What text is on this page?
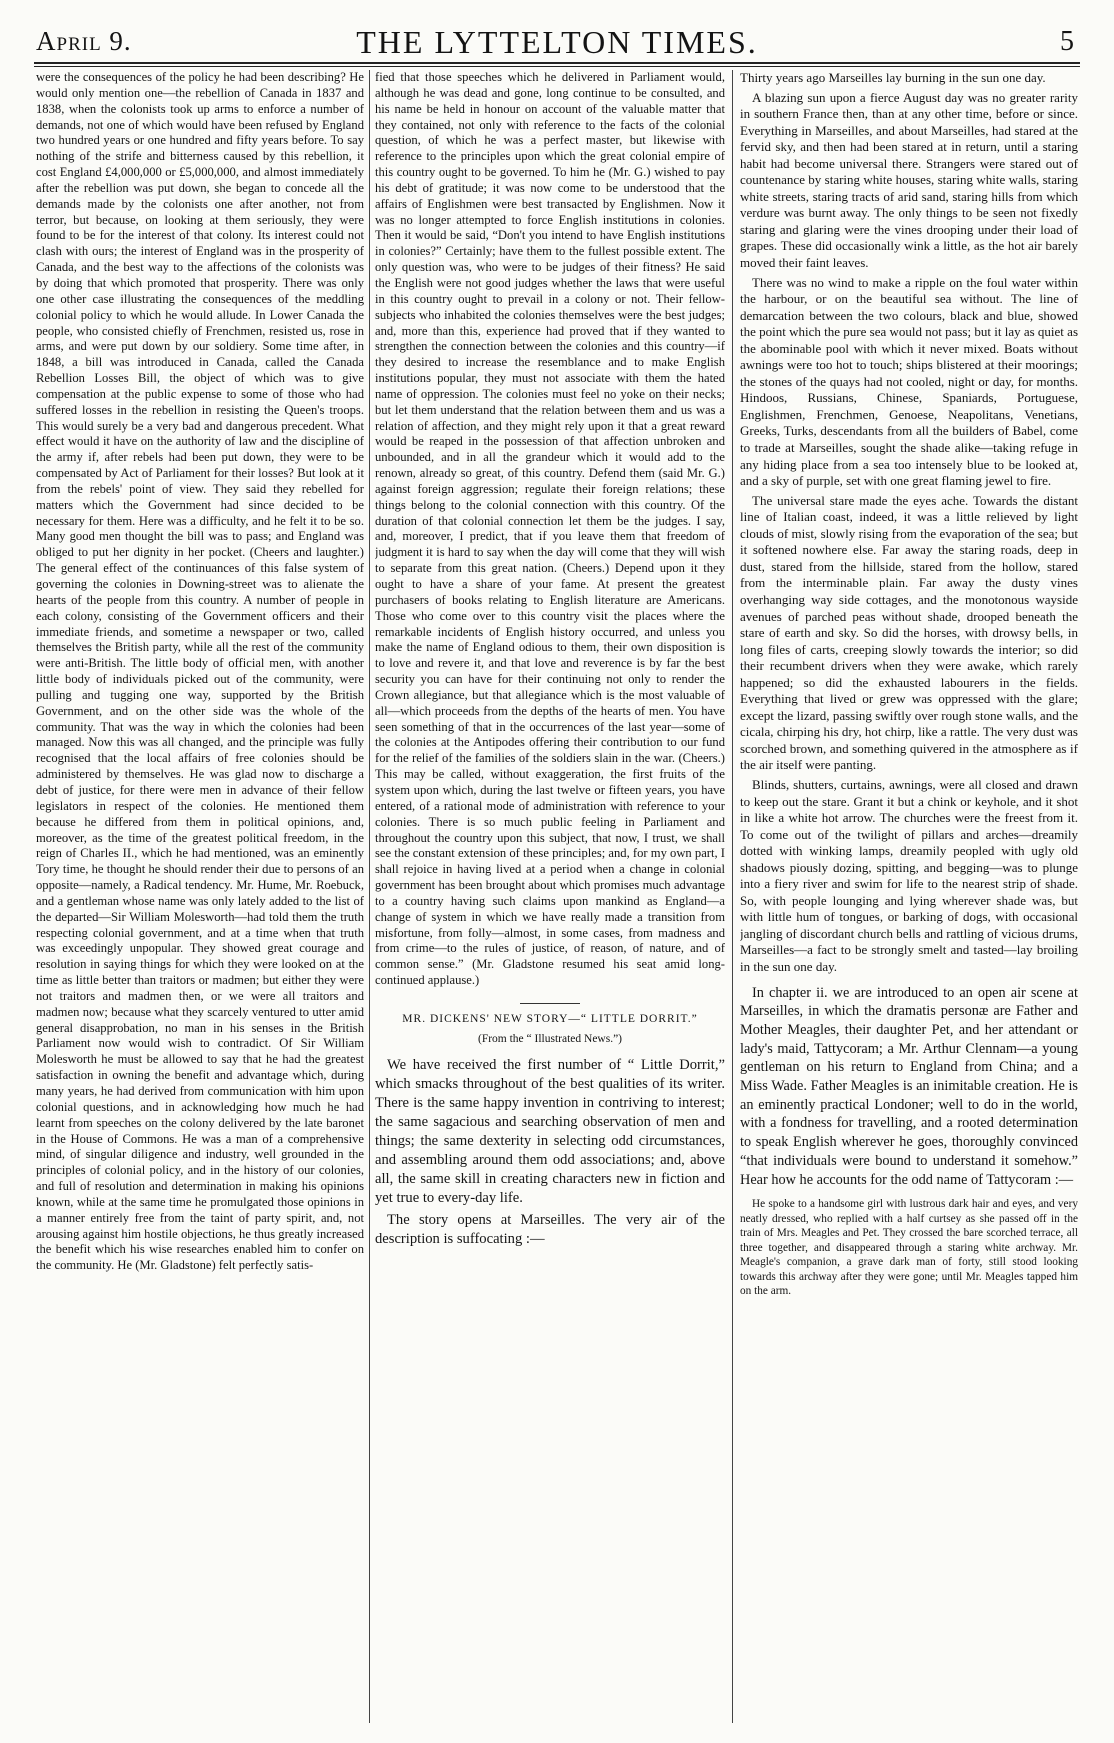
April 9.	THE LYTTELTON TIMES.	5

were the consequences of the policy he had been describing? He would only mention one—the rebellion of Canada in 1837 and 1838, when the colonists took up arms to enforce a number of demands, not one of which would have been refused by England two hundred years or one hundred and fifty years before. To say nothing of the strife and bitterness caused by this rebellion, it cost England £4,000,000 or £5,000,000, and almost immediately after the rebellion was put down, she began to concede all the demands made by the colonists one after another, not from terror, but because, on looking at them seriously, they were found to be for the interest of that colony. Its interest could not clash with ours; the interest of England was in the prosperity of Canada, and the best way to the affections of the colonists was by doing that which promoted that prosperity. There was only one other case illustrating the consequences of the meddling colonial policy to which he would allude. In Lower Canada the people, who consisted chiefly of Frenchmen, resisted us, rose in arms, and were put down by our soldiery. Some time after, in 1848, a bill was introduced in Canada, called the Canada Rebellion Losses Bill, the object of which was to give compensation at the public expense to some of those who had suffered losses in the rebellion in resisting the Queen's troops. This would surely be a very bad and dangerous precedent. What effect would it have on the authority of law and the discipline of the army if, after rebels had been put down, they were to be compensated by Act of Parliament for their losses? But look at it from the rebels' point of view. They said they rebelled for matters which the Government had since decided to be necessary for them. Here was a difficulty, and he felt it to be so. Many good men thought the bill was to pass; and England was obliged to put her dignity in her pocket. (Cheers and laughter.) The general effect of the continuances of this false system of governing the colonies in Downing-street was to alienate the hearts of the people from this country. A number of people in each colony, consisting of the Government officers and their immediate friends, and sometime a newspaper or two, called themselves the British party, while all the rest of the community were anti-British. The little body of official men, with another little body of individuals picked out of the community, were pulling and tugging one way, supported by the British Government, and on the other side was the whole of the community. That was the way in which the colonies had been managed. Now this was all changed, and the principle was fully recognised that the local affairs of free colonies should be administered by themselves. He was glad now to discharge a debt of justice, for there were men in advance of their fellow legislators in respect of the colonies. He mentioned them because he differed from them in political opinions, and, moreover, as the time of the greatest political freedom, in the reign of Charles II., which he had mentioned, was an eminently Tory time, he thought he should render their due to persons of an opposite—namely, a Radical tendency. Mr. Hume, Mr. Roebuck, and a gentleman whose name was only lately added to the list of the departed—Sir William Molesworth—had told them the truth respecting colonial government, and at a time when that truth was exceedingly unpopular. They showed great courage and resolution in saying things for which they were looked on at the time as little better than traitors or madmen; but either they were not traitors and madmen then, or we were all traitors and madmen now; because what they scarcely ventured to utter amid general disapprobation, no man in his senses in the British Parliament now would wish to contradict. Of Sir William Molesworth he must be allowed to say that he had the greatest satisfaction in owning the benefit and advantage which, during many years, he had derived from communication with him upon colonial questions, and in acknowledging how much he had learnt from speeches on the colony delivered by the late baronet in the House of Commons. He was a man of a comprehensive mind, of singular diligence and industry, well grounded in the principles of colonial policy, and in the history of our colonies, and full of resolution and determination in making his opinions known, while at the same time he promulgated those opinions in a manner entirely free from the taint of party spirit, and, not arousing against him hostile objections, he thus greatly increased the benefit which his wise researches enabled him to confer on the community. He (Mr. Gladstone) felt perfectly satis-

fied that those speeches which he delivered in Parliament would, although he was dead and gone, long continue to be consulted, and his name be held in honour on account of the valuable matter that they contained, not only with reference to the facts of the colonial question, of which he was a perfect master, but likewise with reference to the principles upon which the great colonial empire of this country ought to be governed. To him he (Mr. G.) wished to pay his debt of gratitude; it was now come to be understood that the affairs of Englishmen were best transacted by Englishmen. Now it was no longer attempted to force English institutions in colonies. Then it would be said, “Don't you intend to have English institutions in colonies?” Certainly; have them to the fullest possible extent. The only question was, who were to be judges of their fitness? He said the English were not good judges whether the laws that were useful in this country ought to prevail in a colony or not. Their fellow-subjects who inhabited the colonies themselves were the best judges; and, more than this, experience had proved that if they wanted to strengthen the connection between the colonies and this country—if they desired to increase the resemblance and to make English institutions popular, they must not associate with them the hated name of oppression. The colonies must feel no yoke on their necks; but let them understand that the relation between them and us was a relation of affection, and they might rely upon it that a great reward would be reaped in the possession of that affection unbroken and unbounded, and in all the grandeur which it would add to the renown, already so great, of this country. Defend them (said Mr. G.) against foreign aggression; regulate their foreign relations; these things belong to the colonial connection with this country. Of the duration of that colonial connection let them be the judges. I say, and, moreover, I predict, that if you leave them that freedom of judgment it is hard to say when the day will come that they will wish to separate from this great nation. (Cheers.) Depend upon it they ought to have a share of your fame. At present the greatest purchasers of books relating to English literature are Americans. Those who come over to this country visit the places where the remarkable incidents of English history occurred, and unless you make the name of England odious to them, their own disposition is to love and revere it, and that love and reverence is by far the best security you can have for their continuing not only to render the Crown allegiance, but that allegiance which is the most valuable of all—which proceeds from the depths of the hearts of men. You have seen something of that in the occurrences of the last year—some of the colonies at the Antipodes offering their contribution to our fund for the relief of the families of the soldiers slain in the war. (Cheers.) This may be called, without exaggeration, the first fruits of the system upon which, during the last twelve or fifteen years, you have entered, of a rational mode of administration with reference to your colonies. There is so much public feeling in Parliament and throughout the country upon this subject, that now, I trust, we shall see the constant extension of these principles; and, for my own part, I shall rejoice in having lived at a period when a change in colonial government has been brought about which promises much advantage to a country having such claims upon mankind as England—a change of system in which we have really made a transition from misfortune, from folly—almost, in some cases, from madness and from crime—to the rules of justice, of reason, of nature, and of common sense.” (Mr. Gladstone resumed his seat amid long-continued applause.)

MR. DICKENS' NEW STORY—“ LITTLE DORRIT.”

(From the “ Illustrated News.”)

We have received the first number of “ Little Dorrit,” which smacks throughout of the best qualities of its writer. There is the same happy invention in contriving to interest; the same sagacious and searching observation of men and things; the same dexterity in selecting odd circumstances, and assembling around them odd associations; and, above all, the same skill in creating characters new in fiction and yet true to every-day life.

The story opens at Marseilles. The very air of the description is suffocating :—

Thirty years ago Marseilles lay burning in the sun one day.

A blazing sun upon a fierce August day was no greater rarity in southern France then, than at any other time, before or since. Everything in Marseilles, and about Marseilles, had stared at the fervid sky, and then had been stared at in return, until a staring habit had become universal there. Strangers were stared out of countenance by staring white houses, staring white walls, staring white streets, staring tracts of arid sand, staring hills from which verdure was burnt away. The only things to be seen not fixedly staring and glaring were the vines drooping under their load of grapes. These did occasionally wink a little, as the hot air barely moved their faint leaves.

There was no wind to make a ripple on the foul water within the harbour, or on the beautiful sea without. The line of demarcation between the two colours, black and blue, showed the point which the pure sea would not pass; but it lay as quiet as the abominable pool with which it never mixed. Boats without awnings were too hot to touch; ships blistered at their moorings; the stones of the quays had not cooled, night or day, for months. Hindoos, Russians, Chinese, Spaniards, Portuguese, Englishmen, Frenchmen, Genoese, Neapolitans, Venetians, Greeks, Turks, descendants from all the builders of Babel, come to trade at Marseilles, sought the shade alike—taking refuge in any hiding place from a sea too intensely blue to be looked at, and a sky of purple, set with one great flaming jewel to fire.

The universal stare made the eyes ache. Towards the distant line of Italian coast, indeed, it was a little relieved by light clouds of mist, slowly rising from the evaporation of the sea; but it softened nowhere else. Far away the staring roads, deep in dust, stared from the hillside, stared from the hollow, stared from the interminable plain. Far away the dusty vines overhanging way side cottages, and the monotonous wayside avenues of parched peas without shade, drooped beneath the stare of earth and sky. So did the horses, with drowsy bells, in long files of carts, creeping slowly towards the interior; so did their recumbent drivers when they were awake, which rarely happened; so did the exhausted labourers in the fields. Everything that lived or grew was oppressed with the glare; except the lizard, passing swiftly over rough stone walls, and the cicala, chirping his dry, hot chirp, like a rattle. The very dust was scorched brown, and something quivered in the atmosphere as if the air itself were panting.

Blinds, shutters, curtains, awnings, were all closed and drawn to keep out the stare. Grant it but a chink or keyhole, and it shot in like a white hot arrow. The churches were the freest from it. To come out of the twilight of pillars and arches—dreamily dotted with winking lamps, dreamily peopled with ugly old shadows piously dozing, spitting, and begging—was to plunge into a fiery river and swim for life to the nearest strip of shade. So, with people lounging and lying wherever shade was, but with little hum of tongues, or barking of dogs, with occasional jangling of discordant church bells and rattling of vicious drums, Marseilles—a fact to be strongly smelt and tasted—lay broiling in the sun one day.

In chapter ii. we are introduced to an open air scene at Marseilles, in which the dramatis personæ are Father and Mother Meagles, their daughter Pet, and her attendant or lady's maid, Tattycoram; a Mr. Arthur Clennam—a young gentleman on his return to England from China; and a Miss Wade. Father Meagles is an inimitable creation. He is an eminently practical Londoner; well to do in the world, with a fondness for travelling, and a rooted determination to speak English wherever he goes, thoroughly convinced “that individuals were bound to understand it somehow.” Hear how he accounts for the odd name of Tattycoram :—

He spoke to a handsome girl with lustrous dark hair and eyes, and very neatly dressed, who replied with a half curtsey as she passed off in the train of Mrs. Meagles and Pet. They crossed the bare scorched terrace, all three together, and disappeared through a staring white archway. Mr. Meagle's companion, a grave dark man of forty, still stood looking towards this archway after they were gone; until Mr. Meagles tapped him on the arm.
